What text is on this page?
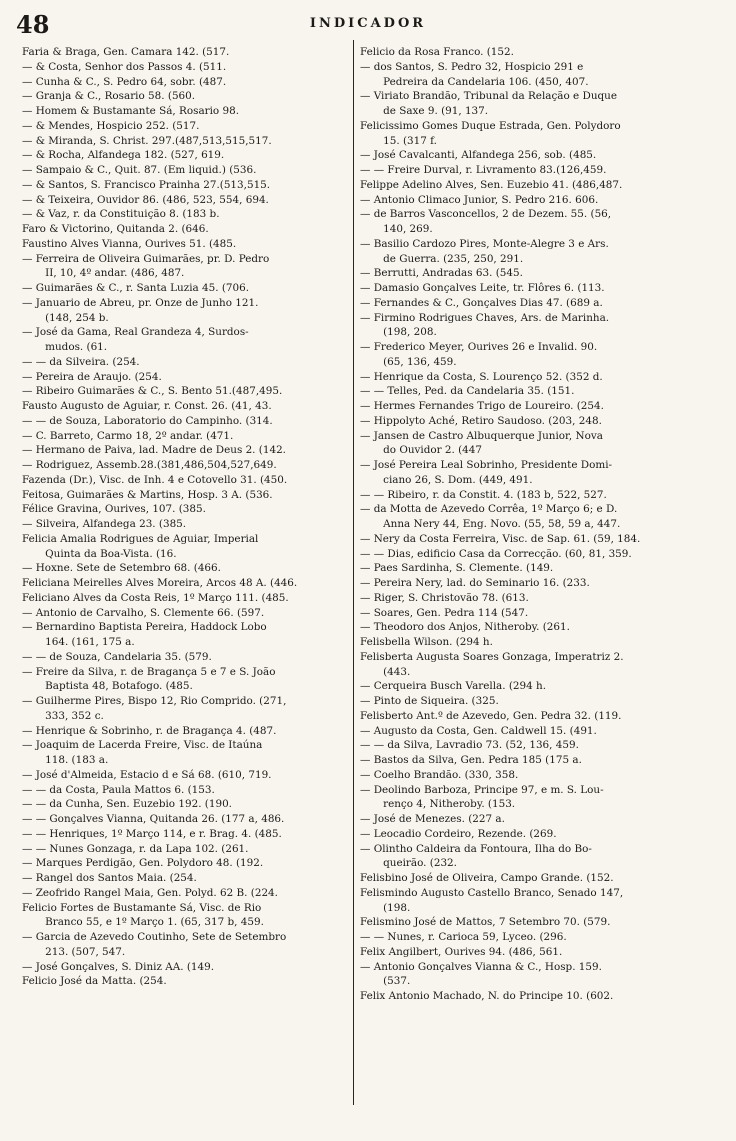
48	INDICADOR
Faria & Braga, Gen. Camara 142. (517.
— & Costa, Senhor dos Passos 4. (511.
— Cunha & C., S. Pedro 64, sobr. (487.
— Granja & C., Rosario 58. (560.
— Homem & Bustamante Sá, Rosario 98.
— & Mendes, Hospicio 252. (517.
— & Miranda, S. Christ. 297.(487,513,515,517.
— & Rocha, Alfandega 182. (527, 619.
— Sampaio & C., Quit. 87. (Em liquid.) (536.
— & Santos, S. Francisco Prainha 27.(513,515.
— & Teixeira, Ouvidor 86. (486, 523, 554, 694.
— & Vaz, r. da Constituição 8. (183 b.
Faro & Victorino, Quitanda 2. (646.
Faustino Alves Vianna, Ourives 51. (485.
— Ferreira de Oliveira Guimarães, pr. D. Pedro
II, 10, 4º andar. (486, 487.
— Guimarães & C., r. Santa Luzia 45. (706.
— Januario de Abreu, pr. Onze de Junho 121.
(148, 254 b.
— José da Gama, Real Grandeza 4, Surdos-
mudos. (61.
— — da Silveira. (254.
— Pereira de Araujo. (254.
— Ribeiro Guimarães & C., S. Bento 51.(487,495.
Fausto Augusto de Aguiar, r. Const. 26. (41, 43.
— — de Souza, Laboratorio do Campinho. (314.
— C. Barreto, Carmo 18, 2º andar. (471.
— Hermano de Paiva, lad. Madre de Deus 2. (142.
— Rodriguez, Assemb.28.(381,486,504,527,649.
Fazenda (Dr.), Visc. de Inh. 4 e Cotovello 31. (450.
Feitosa, Guimarães & Martins, Hosp. 3 A. (536.
Félice Gravina, Ourives, 107. (385.
— Silveira, Alfandega 23. (385.
Felicia Amalia Rodrigues de Aguiar, Imperial
Quinta da Boa-Vista. (16.
— Hoxne. Sete de Setembro 68. (466.
Feliciana Meirelles Alves Moreira, Arcos 48 A. (446.
Feliciano Alves da Costa Reis, 1º Março 111. (485.
— Antonio de Carvalho, S. Clemente 66. (597.
— Bernardino Baptista Pereira, Haddock Lobo
164. (161, 175 a.
— — de Souza, Candelaria 35. (579.
— Freire da Silva, r. de Bragança 5 e 7 e S. João
Baptista 48, Botafogo. (485.
— Guilherme Pires, Bispo 12, Rio Comprido. (271,
333, 352 c.
— Henrique & Sobrinho, r. de Bragança 4. (487.
— Joaquim de Lacerda Freire, Visc. de Itaúna
118. (183 a.
— José d'Almeida, Estacio d e Sá 68. (610, 719.
— — da Costa, Paula Mattos 6. (153.
— — da Cunha, Sen. Euzebio 192. (190.
— — Gonçalves Vianna, Quitanda 26. (177 a, 486.
— — Henriques, 1º Março 114, e r. Brag. 4. (485.
— — Nunes Gonzaga, r. da Lapa 102. (261.
— Marques Perdigão, Gen. Polydoro 48. (192.
— Rangel dos Santos Maia. (254.
— Zeofrido Rangel Maia, Gen. Polyd. 62 B. (224.
Felicio Fortes de Bustamante Sá, Visc. de Rio
Branco 55, e 1º Março 1. (65, 317 b, 459.
— Garcia de Azevedo Coutinho, Sete de Setembro
213. (507, 547.
— José Gonçalves, S. Diniz AA. (149.
Felicio José da Matta. (254.
Felicio da Rosa Franco. (152.
— dos Santos, S. Pedro 32, Hospicio 291 e
Pedreira da Candelaria 106. (450, 407.
— Viriato Brandão, Tribunal da Relação e Duque
de Saxe 9. (91, 137.
Felicissimo Gomes Duque Estrada, Gen. Polydoro
15. (317 f.
— José Cavalcanti, Alfandega 256, sob. (485.
— — Freire Durval, r. Livramento 83.(126,459.
Felippe Adelino Alves, Sen. Euzebio 41. (486,487.
— Antonio Climaco Junior, S. Pedro 216. 606.
— de Barros Vasconcellos, 2 de Dezem. 55. (56,
140, 269.
— Basilio Cardozo Pires, Monte-Alegre 3 e Ars.
de Guerra. (235, 250, 291.
— Berrutti, Andradas 63. (545.
— Damasio Gonçalves Leite, tr. Flôres 6. (113.
— Fernandes & C., Gonçalves Dias 47. (689 a.
— Firmino Rodrigues Chaves, Ars. de Marinha.
(198, 208.
— Frederico Meyer, Ourives 26 e Invalid. 90.
(65, 136, 459.
— Henrique da Costa, S. Lourenço 52. (352 d.
— — Telles, Ped. da Candelaria 35. (151.
— Hermes Fernandes Trigo de Loureiro. (254.
— Hippolyto Aché, Retiro Saudoso. (203, 248.
— Jansen de Castro Albuquerque Junior, Nova
do Ouvidor 2. (447
— José Pereira Leal Sobrinho, Presidente Domi-
ciano 26, S. Dom. (449, 491.
— — Ribeiro, r. da Constit. 4. (183 b, 522, 527.
— da Motta de Azevedo Corrêa, 1º Março 6; e D.
Anna Nery 44, Eng. Novo. (55, 58, 59 a, 447.
— Nery da Costa Ferreira, Visc. de Sap. 61. (59, 184.
— — Dias, edificio Casa da Correcção. (60, 81, 359.
— Paes Sardinha, S. Clemente. (149.
— Pereira Nery, lad. do Seminario 16. (233.
— Riger, S. Christovão 78. (613.
— Soares, Gen. Pedra 114 (547.
— Theodoro dos Anjos, Nitheroby. (261.
Felisbella Wilson. (294 h.
Felisberta Augusta Soares Gonzaga, Imperatriz 2.
(443.
— Cerqueira Busch Varella. (294 h.
— Pinto de Siqueira. (325.
Felisberto Ant.º de Azevedo, Gen. Pedra 32. (119.
— Augusto da Costa, Gen. Caldwell 15. (491.
— — da Silva, Lavradio 73. (52, 136, 459.
— Bastos da Silva, Gen. Pedra 185 (175 a.
— Coelho Brandão. (330, 358.
— Deolindo Barboza, Principe 97, e m. S. Lou-
renço 4, Nitheroby. (153.
— José de Menezes. (227 a.
— Leocadio Cordeiro, Rezende. (269.
— Olintho Caldeira da Fontoura, Ilha do Bo-
queirão. (232.
Felisbino José de Oliveira, Campo Grande. (152.
Felismindo Augusto Castello Branco, Senado 147,
(198.
Felismino José de Mattos, 7 Setembro 70. (579.
— — Nunes, r. Carioca 59, Lyceo. (296.
Felix Angilbert, Ourives 94. (486, 561.
— Antonio Gonçalves Vianna & C., Hosp. 159.
(537.
Felix Antonio Machado, N. do Principe 10. (602.
